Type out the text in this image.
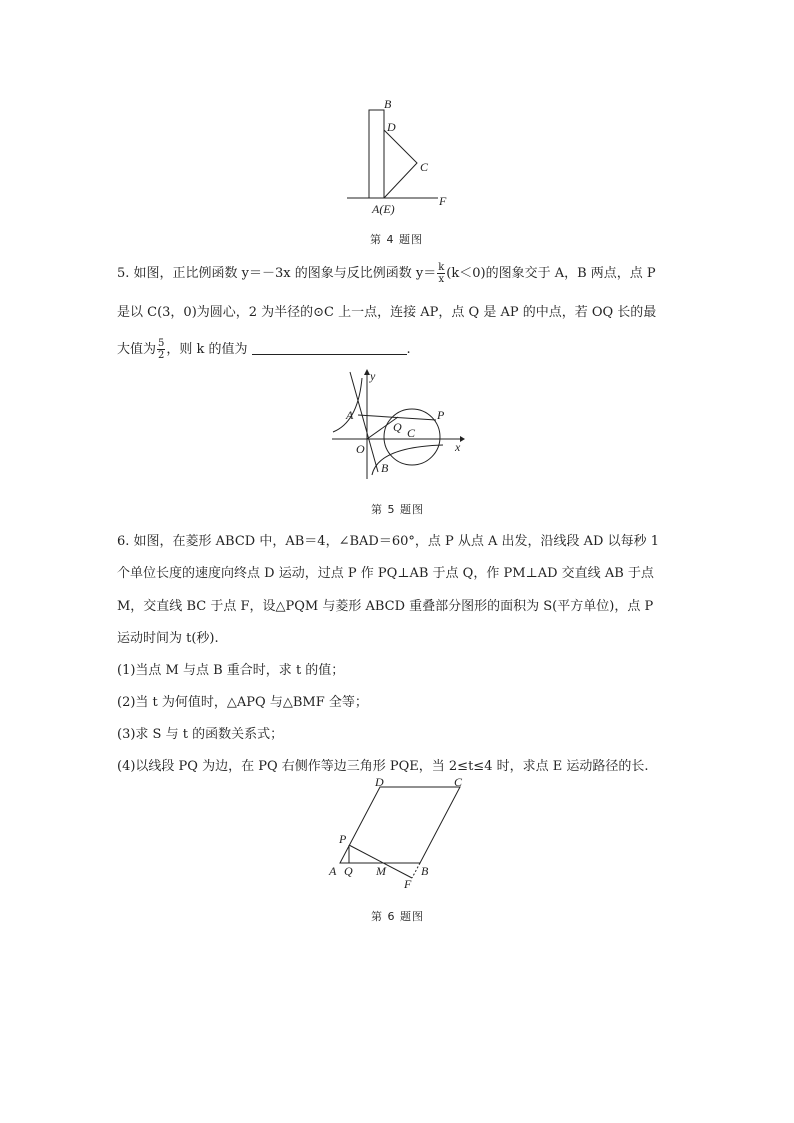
B
D
C
A(E)
F
第 4 题图
5. 如图，正比例函数 y＝－3x 的图象与反比例函数 $y= \frac{k}{x} (k<0)$的图象交于 A，B 两点，点 P
是以 C(3，0)为圆心，2 为半径的⊙C 上一点，连接 AP，点 Q 是 AP 的中点，若 OQ 长的最
大值为 $\frac{5}{2}$ ，则 k 的值为	.
y
x
A	P
Q C
O
B
第 5 题图
6. 如图，在菱形 ABCD 中，AB＝4，∠BAD＝60°，点 P 从点 A 出发，沿线段 AD 以每秒 1
个单位长度的速度向终点 D 运动，过点 P 作 PQ⊥AB 于点 Q，作 PM⊥AD 交直线 AB 于点
M，交直线 BC 于点 F，设△PQM 与菱形 ABCD 重叠部分图形的面积为 S(平方单位)，点 P
运动时间为 t(秒).
(1)当点 M 与点 B 重合时，求 t 的值；
(2)当 t 为何值时，△APQ 与△BMF 全等；
(3)求 S 与 t 的函数关系式；
(4)以线段 PQ 为边，在 PQ 右侧作等边三角形 PQE，当 2≤t≤4 时，求点 E 运动路径的长.
D	C
P
A Q M	B
F
第 6 题图
